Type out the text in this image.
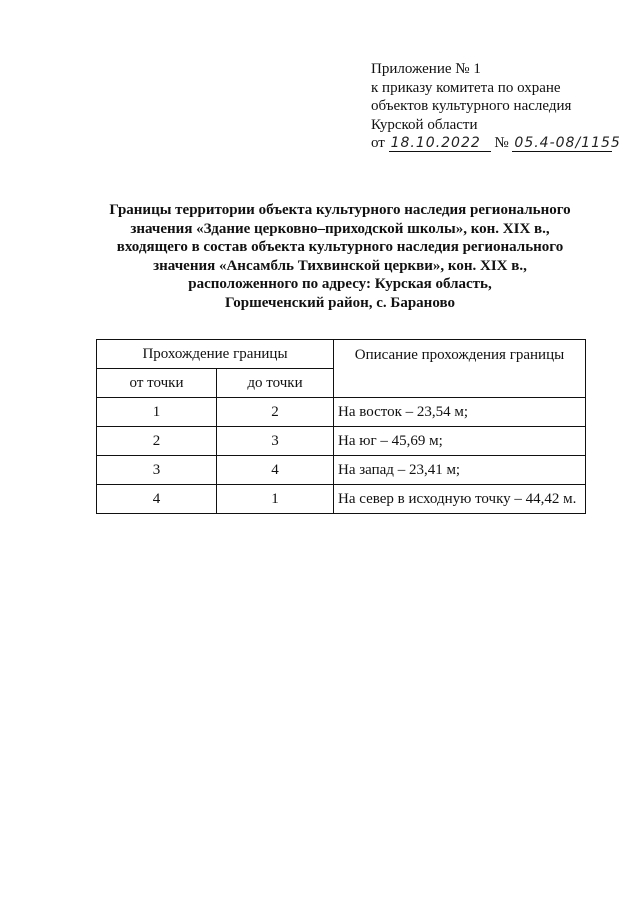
Приложение № 1
к приказу комитета по охране
объектов культурного наследия
Курской области
от 18.10.2022 № 05.4-08/1155
Границы территории объекта культурного наследия регионального
значения «Здание церковно–приходской школы», кон. XIX в.,
входящего в состав объекта культурного наследия регионального
значения «Ансамбль Тихвинской церкви», кон. XIX в.,
расположенного по адресу: Курская область,
Горшеченский район, с. Бараново
Прохождение границы		Описание прохождения границы
от точки	до точки	
1	2	На восток – 23,54 м;
2	3	На юг – 45,69 м;
3	4	На запад – 23,41 м;
4	1	На север в исходную точку – 44,42 м.
